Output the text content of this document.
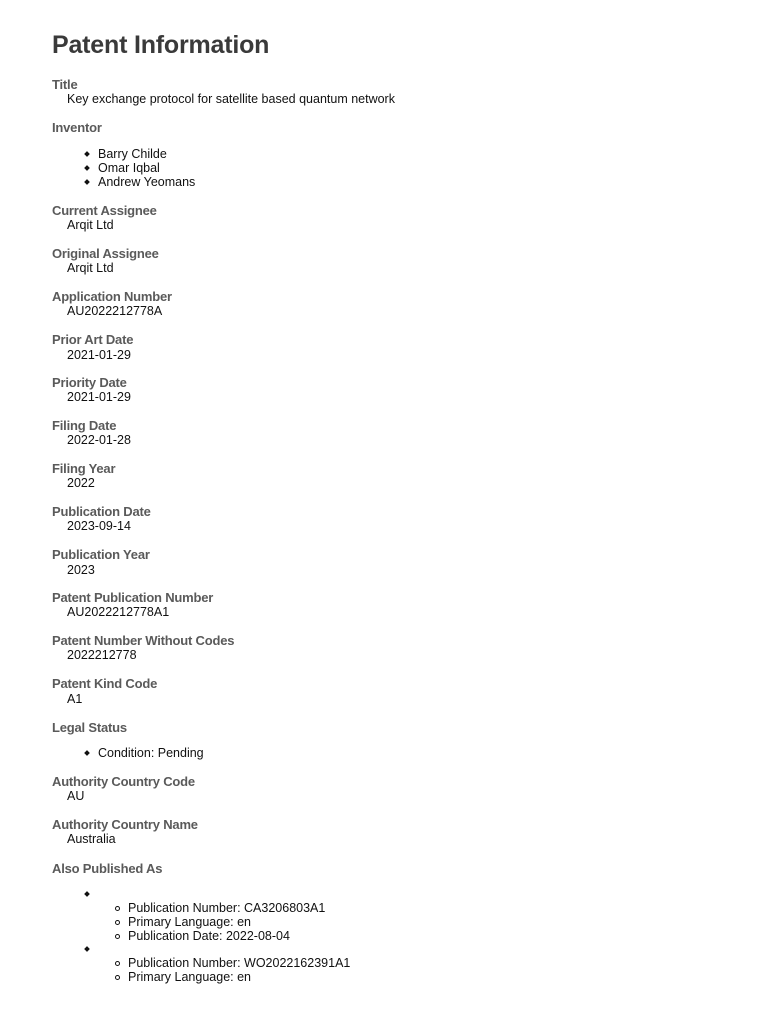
Patent Information
Title
Key exchange protocol for satellite based quantum network
Inventor
Barry Childe
Omar Iqbal
Andrew Yeomans
Current Assignee
Arqit Ltd
Original Assignee
Arqit Ltd
Application Number
AU2022212778A
Prior Art Date
2021-01-29
Priority Date
2021-01-29
Filing Date
2022-01-28
Filing Year
2022
Publication Date
2023-09-14
Publication Year
2023
Patent Publication Number
AU2022212778A1
Patent Number Without Codes
2022212778
Patent Kind Code
A1
Legal Status
Condition: Pending
Authority Country Code
AU
Authority Country Name
Australia
Also Published As
Publication Number: CA3206803A1
Primary Language: en
Publication Date: 2022-08-04
Publication Number: WO2022162391A1
Primary Language: en
